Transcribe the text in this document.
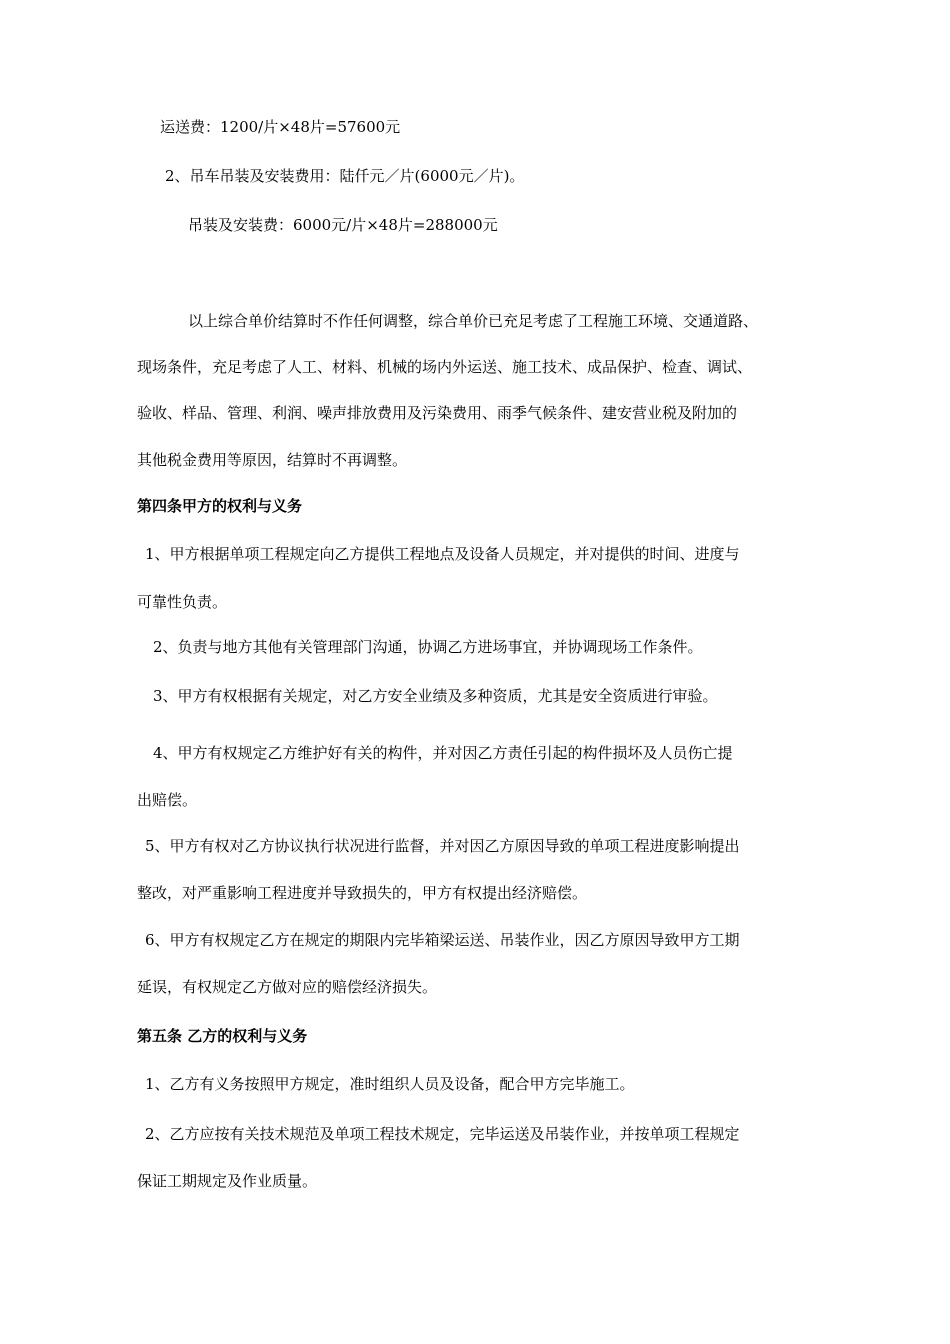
运送费：1200/片×48片=57600元
2、吊车吊装及安装费用：陆仟元／片(6000元／片)。
吊装及安装费：6000元/片×48片=288000元
以上综合单价结算时不作任何调整，综合单价已充足考虑了工程施工环境、交通道路、
现场条件，充足考虑了人工、材料、机械的场内外运送、施工技术、成品保护、检查、调试、
验收、样品、管理、利润、噪声排放费用及污染费用、雨季气候条件、建安营业税及附加的
其他税金费用等原因，结算时不再调整。
第四条甲方的权利与义务
1、甲方根据单项工程规定向乙方提供工程地点及设备人员规定，并对提供的时间、进度与
可靠性负责。
2、负责与地方其他有关管理部门沟通，协调乙方进场事宜，并协调现场工作条件。
3、甲方有权根据有关规定，对乙方安全业绩及多种资质，尤其是安全资质进行审验。
4、甲方有权规定乙方维护好有关的构件，并对因乙方责任引起的构件损坏及人员伤亡提
出赔偿。
5、甲方有权对乙方协议执行状况进行监督，并对因乙方原因导致的单项工程进度影响提出
整改，对严重影响工程进度并导致损失的，甲方有权提出经济赔偿。
6、甲方有权规定乙方在规定的期限内完毕箱梁运送、吊装作业，因乙方原因导致甲方工期
延误，有权规定乙方做对应的赔偿经济损失。
第五条 乙方的权利与义务
1、乙方有义务按照甲方规定，准时组织人员及设备，配合甲方完毕施工。
2、乙方应按有关技术规范及单项工程技术规定，完毕运送及吊装作业，并按单项工程规定
保证工期规定及作业质量。
